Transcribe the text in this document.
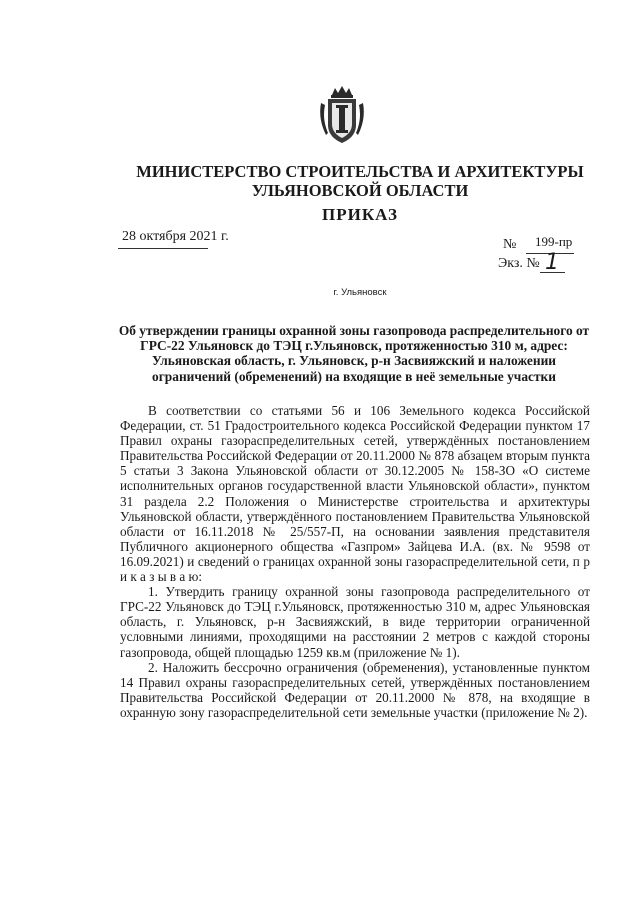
МИНИСТЕРСТВО СТРОИТЕЛЬСТВА И АРХИТЕКТУРЫ
УЛЬЯНОВСКОЙ ОБЛАСТИ
ПРИКАЗ
28 октября 2021 г.
№ 199-пр
Экз. № 1
г. Ульяновск
Об утверждении границы охранной зоны газопровода распределительного от ГРС-22 Ульяновск до ТЭЦ г.Ульяновск, протяженностью 310 м, адрес: Ульяновская область, г. Ульяновск, р-н Засвияжский и наложении ограничений (обременений) на входящие в неё земельные участки

В соответствии со статьями 56 и 106 Земельного кодекса Российской Федерации, ст. 51 Градостроительного кодекса Российской Федерации пунктом 17 Правил охраны газораспределительных сетей, утверждённых постановлением Правительства Российской Федерации от 20.11.2000 № 878 абзацем вторым пункта 5 статьи 3 Закона Ульяновской области от 30.12.2005 № 158-ЗО «О системе исполнительных органов государственной власти Ульяновской области», пунктом 31 раздела 2.2 Положения о Министерстве строительства и архитектуры Ульяновской области, утверждённого постановлением Правительства Ульяновской области от 16.11.2018 № 25/557-П, на основании заявления представителя Публичного акционерного общества «Газпром» Зайцева И.А. (вх. № 9598 от 16.09.2021) и сведений о границах охранной зоны газораспределительной сети, п р и к а з ы в а ю:

1. Утвердить границу охранной зоны газопровода распределительного от ГРС-22 Ульяновск до ТЭЦ г.Ульяновск, протяженностью 310 м, адрес Ульяновская область, г. Ульяновск, р-н Засвияжский, в виде территории ограниченной условными линиями, проходящими на расстоянии 2 метров с каждой стороны газопровода, общей площадью 1259 кв.м (приложение № 1).

2. Наложить бессрочно ограничения (обременения), установленные пунктом 14 Правил охраны газораспределительных сетей, утверждённых постановлением Правительства Российской Федерации от 20.11.2000 № 878, на входящие в охранную зону газораспределительной сети земельные участки (приложение № 2).
